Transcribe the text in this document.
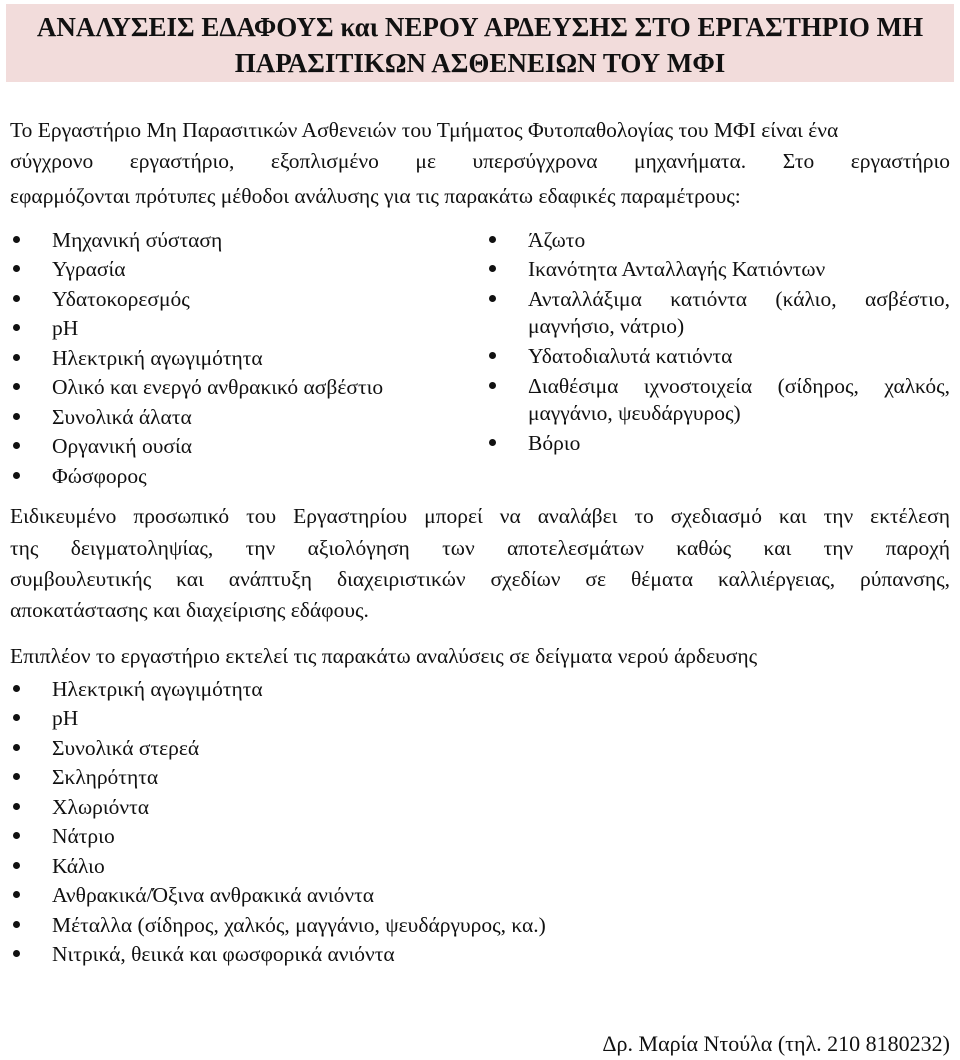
ΑΝΑΛΥΣΕΙΣ ΕΔΑΦΟΥΣ και ΝΕΡΟΥ ΑΡΔΕΥΣΗΣ ΣΤΟ ΕΡΓΑΣΤΗΡΙΟ ΜΗ
ΠΑΡΑΣΙΤΙΚΩΝ ΑΣΘΕΝΕΙΩΝ ΤΟΥ ΜΦΙ
Το Εργαστήριο Μη Παρασιτικών Ασθενειών του Τμήματος Φυτοπαθολογίας του ΜΦΙ είναι ένα
σύγχρονο εργαστήριο, εξοπλισμένο με υπερσύγχρονα μηχανήματα. Στο εργαστήριο
εφαρμόζονται πρότυπες μέθοδοι ανάλυσης για τις παρακάτω εδαφικές παραμέτρους:
Μηχανική σύσταση
Υγρασία
Υδατοκορεσμός
pH
Ηλεκτρική αγωγιμότητα
Ολικό και ενεργό ανθρακικό ασβέστιο
Συνολικά άλατα
Οργανική ουσία
Φώσφορος
Άζωτο
Ικανότητα Ανταλλαγής Κατιόντων
Ανταλλάξιμα κατιόντα (κάλιο, ασβέστιο,
μαγνήσιο, νάτριο)
Υδατοδιαλυτά κατιόντα
Διαθέσιμα ιχνοστοιχεία (σίδηρος, χαλκός,
μαγγάνιο, ψευδάργυρος)
Βόριο
Ειδικευμένο προσωπικό του Εργαστηρίου μπορεί να αναλάβει το σχεδιασμό και την εκτέλεση
της δειγματοληψίας, την αξιολόγηση των αποτελεσμάτων καθώς και την παροχή
συμβουλευτικής και ανάπτυξη διαχειριστικών σχεδίων σε θέματα καλλιέργειας, ρύπανσης,
αποκατάστασης και διαχείρισης εδάφους.
Επιπλέον το εργαστήριο εκτελεί τις παρακάτω αναλύσεις σε δείγματα νερού άρδευσης
Ηλεκτρική αγωγιμότητα
pH
Συνολικά στερεά
Σκληρότητα
Χλωριόντα
Νάτριο
Κάλιο
Ανθρακικά/Όξινα ανθρακικά ανιόντα
Μέταλλα (σίδηρος, χαλκός, μαγγάνιο, ψευδάργυρος, κα.)
Νιτρικά, θειικά και φωσφορικά ανιόντα
Δρ. Μαρία Ντούλα (τηλ. 210 8180232)
